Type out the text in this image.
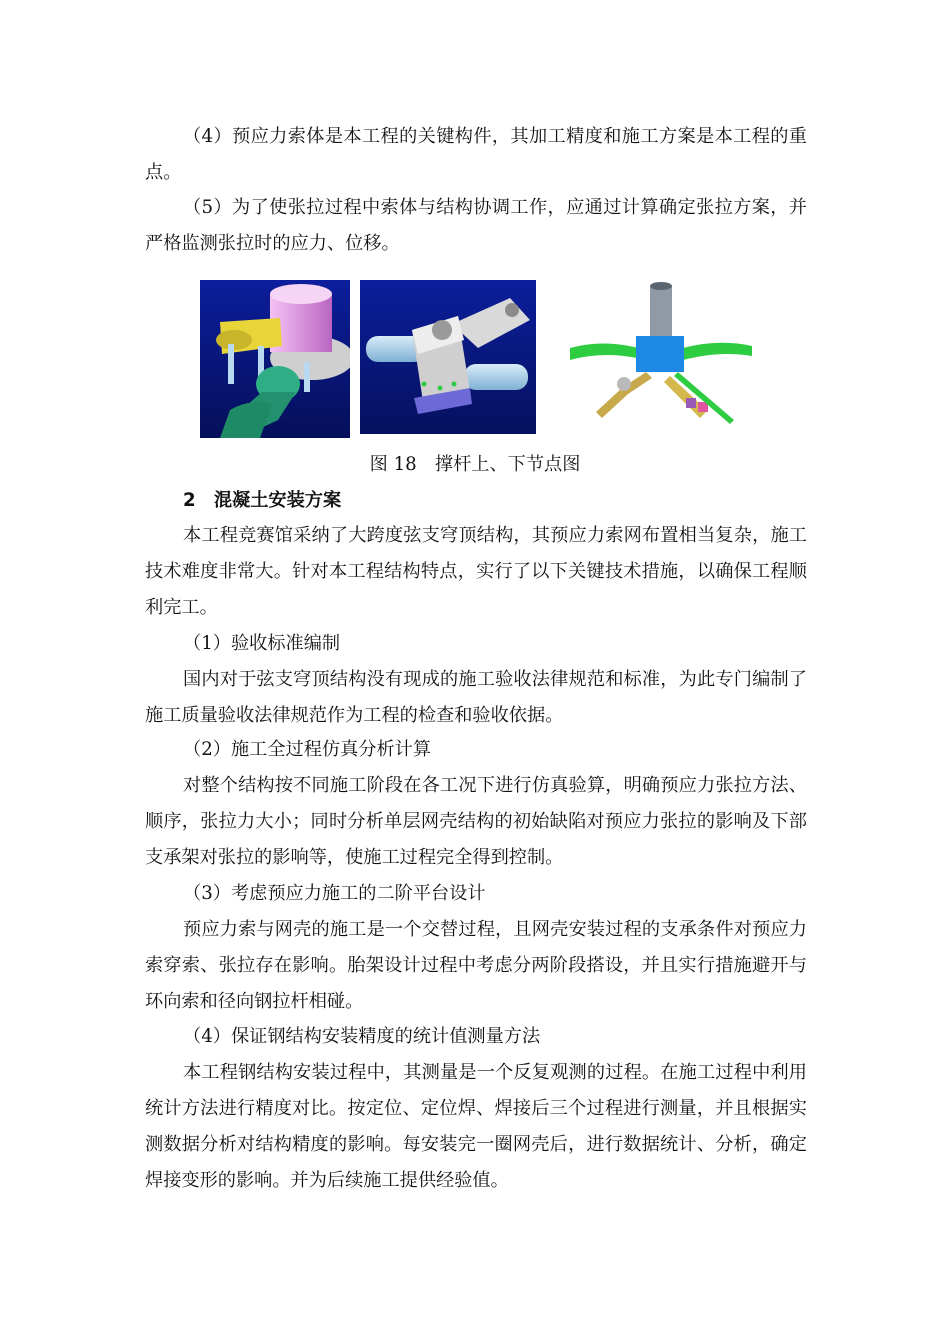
（4）预应力索体是本工程的关键构件，其加工精度和施工方案是本工程的重点。

（5）为了使张拉过程中索体与结构协调工作，应通过计算确定张拉方案，并严格监测张拉时的应力、位移。

图 18　撑杆上、下节点图

2　混凝土安装方案

本工程竞赛馆采纳了大跨度弦支穹顶结构，其预应力索网布置相当复杂，施工技术难度非常大。针对本工程结构特点，实行了以下关键技术措施，以确保工程顺利完工。

（1）验收标准编制

国内对于弦支穹顶结构没有现成的施工验收法律规范和标准，为此专门编制了施工质量验收法律规范作为工程的检查和验收依据。

（2）施工全过程仿真分析计算

对整个结构按不同施工阶段在各工况下进行仿真验算，明确预应力张拉方法、顺序，张拉力大小；同时分析单层网壳结构的初始缺陷对预应力张拉的影响及下部支承架对张拉的影响等，使施工过程完全得到控制。

（3）考虑预应力施工的二阶平台设计

预应力索与网壳的施工是一个交替过程，且网壳安装过程的支承条件对预应力索穿索、张拉存在影响。胎架设计过程中考虑分两阶段搭设，并且实行措施避开与环向索和径向钢拉杆相碰。

（4）保证钢结构安装精度的统计值测量方法

本工程钢结构安装过程中，其测量是一个反复观测的过程。在施工过程中利用统计方法进行精度对比。按定位、定位焊、焊接后三个过程进行测量，并且根据实测数据分析对结构精度的影响。每安装完一圈网壳后，进行数据统计、分析，确定焊接变形的影响。并为后续施工提供经验值。
